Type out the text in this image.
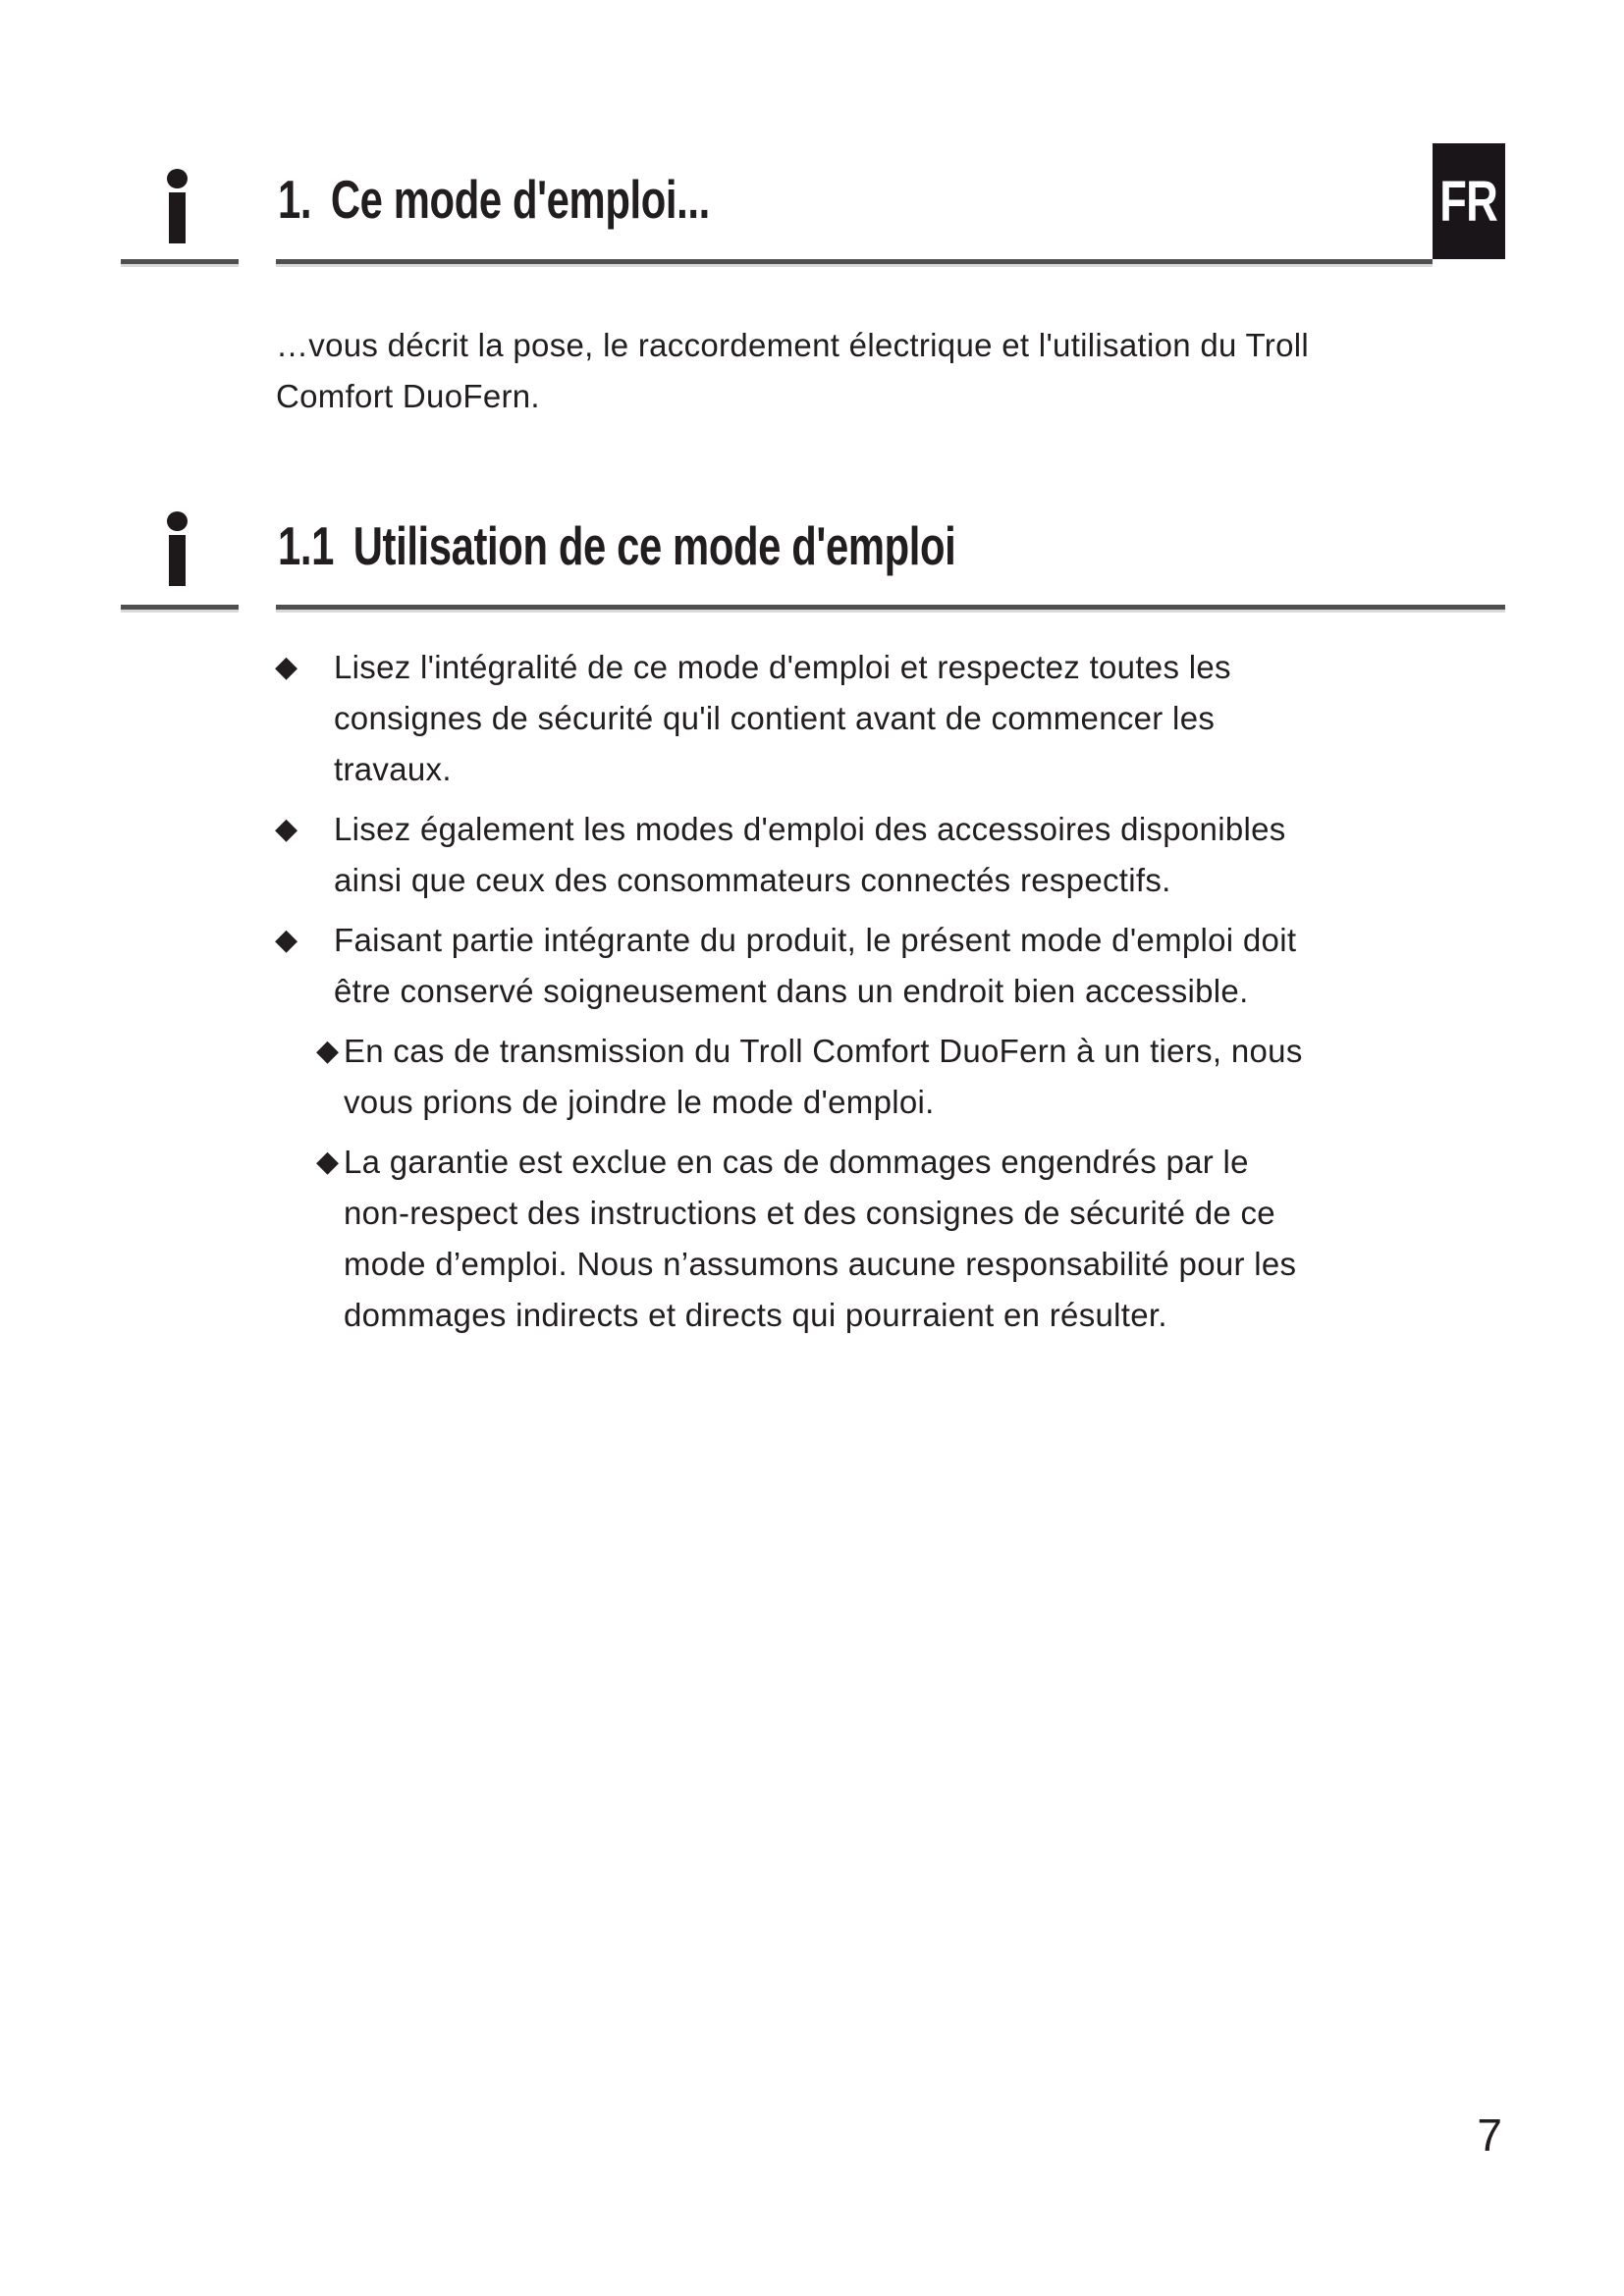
1. Ce mode d'emploi...	FR
…vous décrit la pose, le raccordement électrique et l'utilisation du Troll
Comfort DuoFern.
1.1 Utilisation de ce mode d'emploi
◆	Lisez l'intégralité de ce mode d'emploi et respectez toutes les
consignes de sécurité qu'il contient avant de commencer les
travaux.
◆	Lisez également les modes d'emploi des accessoires disponibles
ainsi que ceux des consommateurs connectés respectifs.
◆	Faisant partie intégrante du produit, le présent mode d'emploi doit
être conservé soigneusement dans un endroit bien accessible.
◆ En cas de transmission du Troll Comfort DuoFern à un tiers, nous
vous prions de joindre le mode d'emploi.
◆ La garantie est exclue en cas de dommages engendrés par le
non-respect des instructions et des consignes de sécurité de ce
mode d’emploi. Nous n’assumons aucune responsabilité pour les
dommages indirects et directs qui pourraient en résulter.
7
